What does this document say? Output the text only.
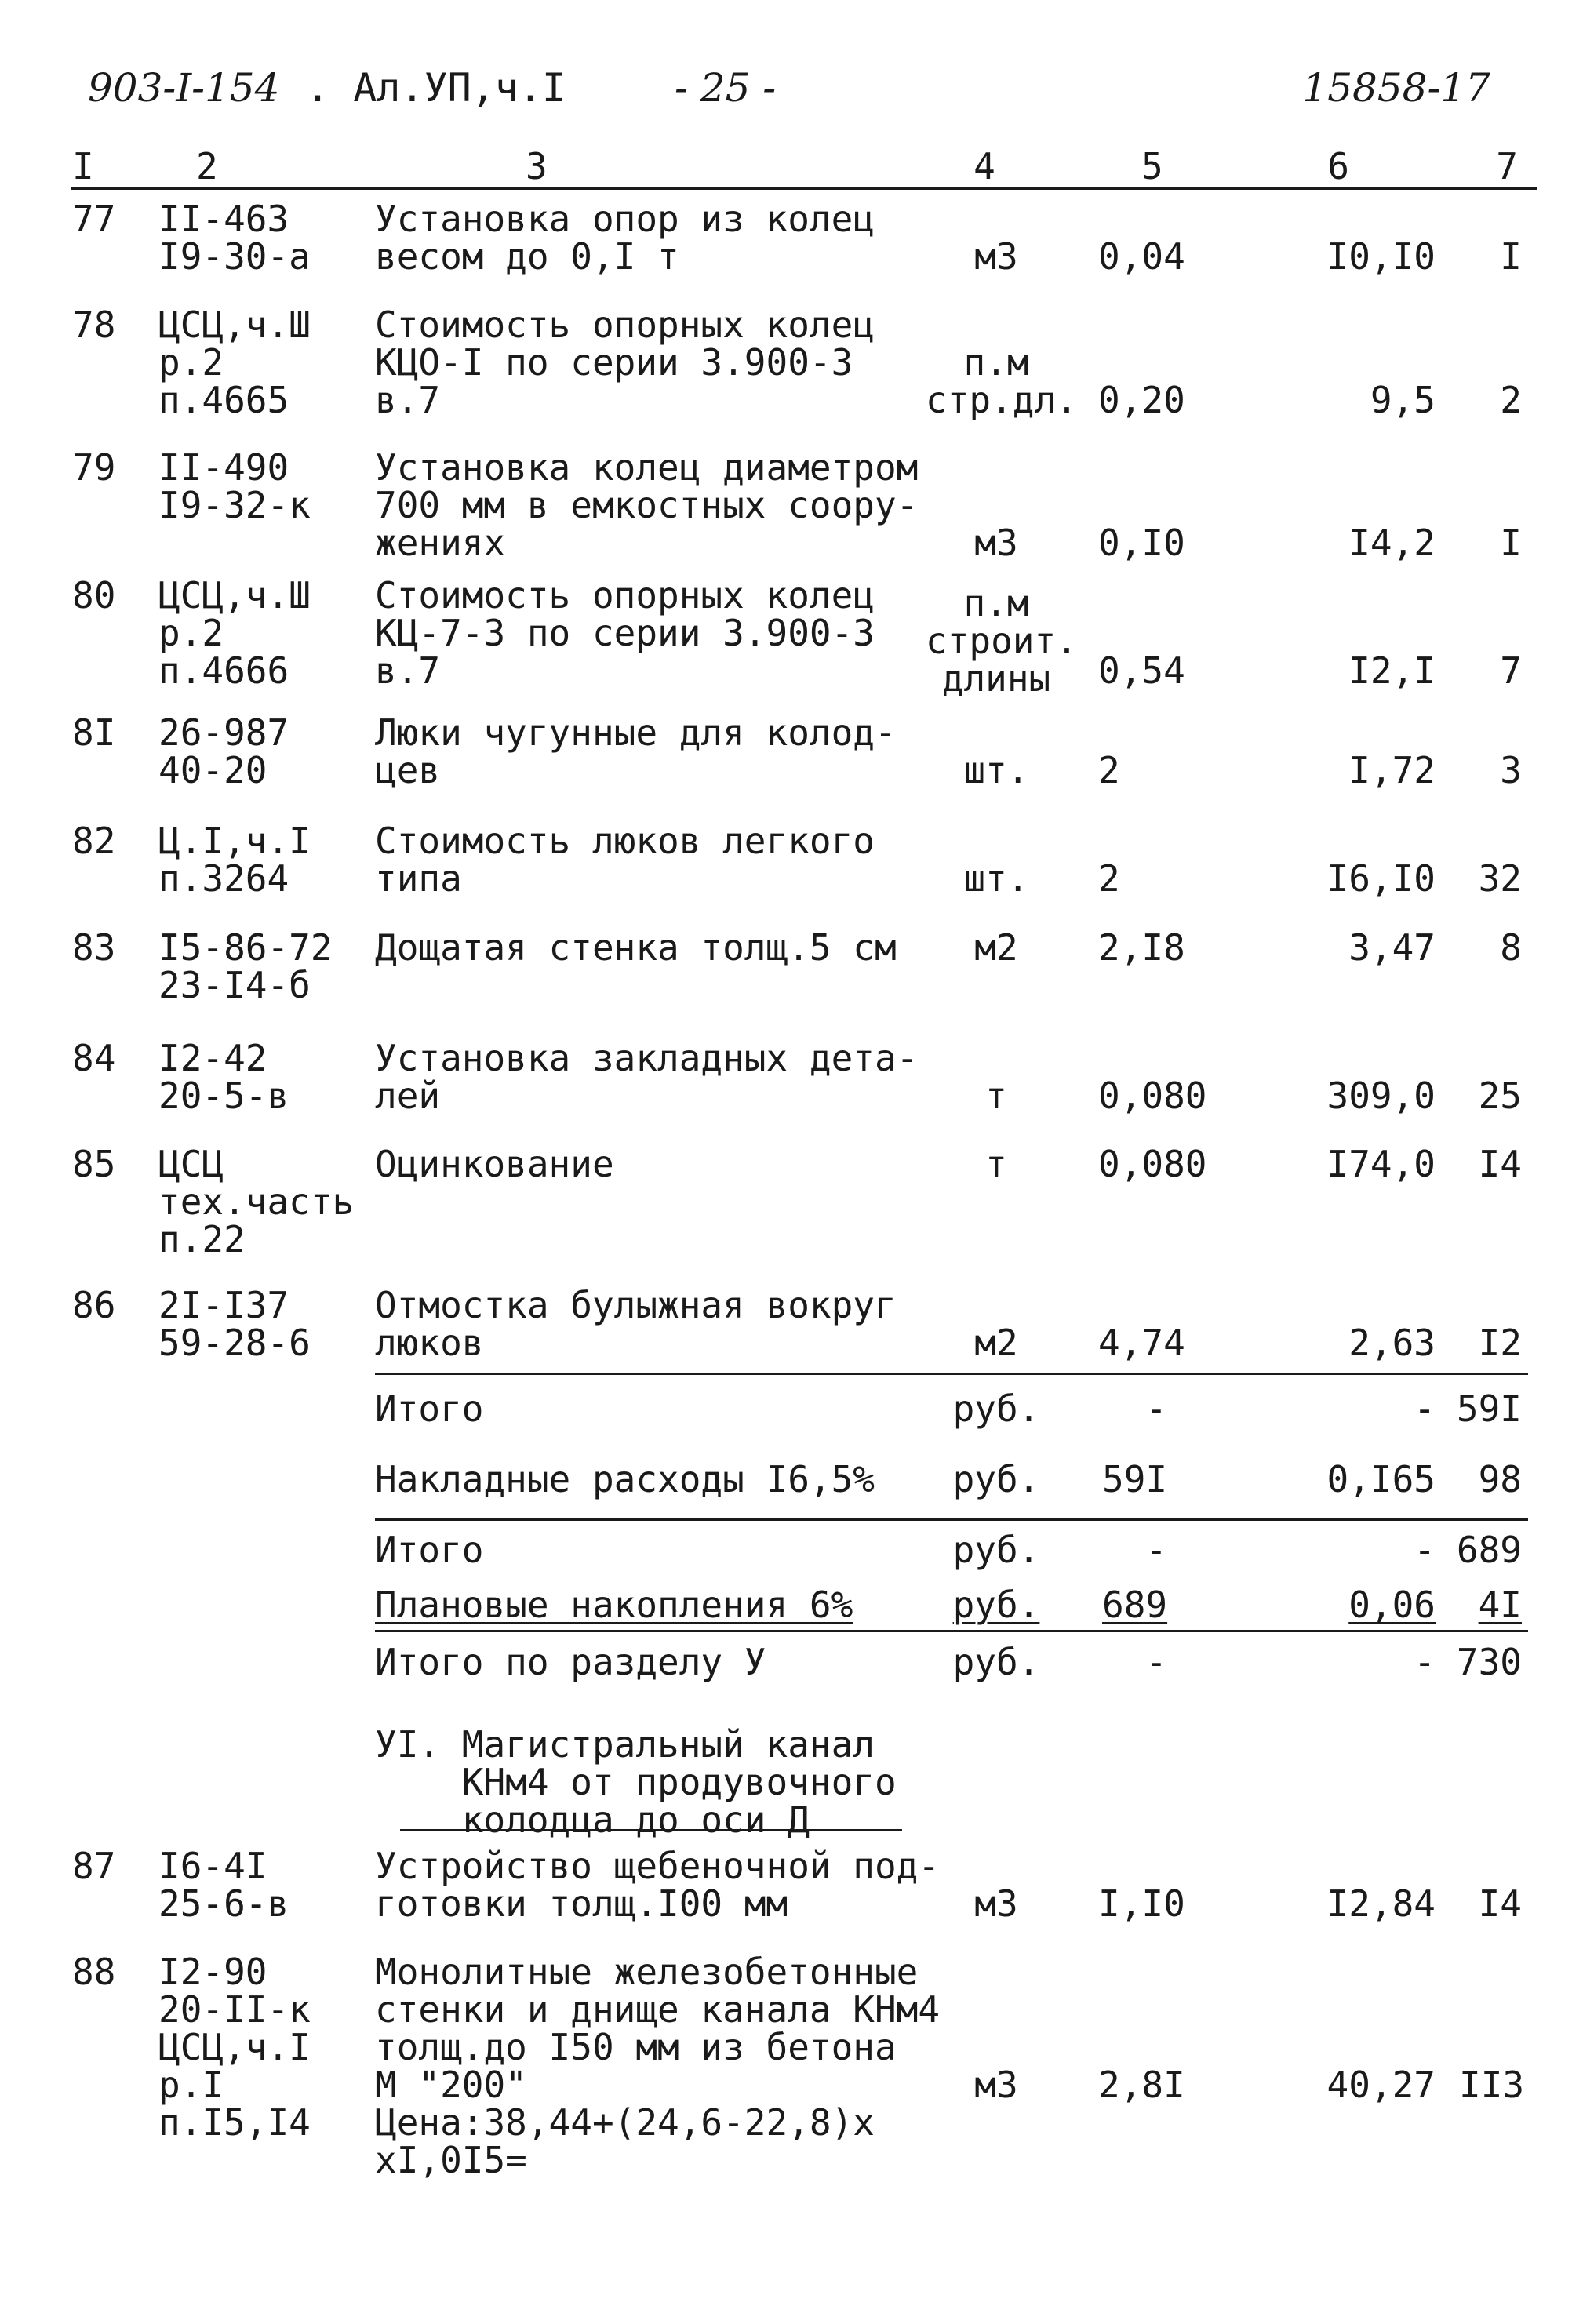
903-I-154 . Ал.УП,ч.I	- 25 -	15858-17
I	2	3	4	5	6	7
77	II-463
I9-30-а
Установка опор из колец
весом до 0,I т	м3	0,04	I0,I0	I
78	ЦСЦ,ч.Ш
р.2
п.4665
Стоимость опорных колец
КЦО-I по серии 3.900-3
в.7
п.м
стр.дл. 0,20	9,5	2
79	II-490
I9-32-к
Установка колец диаметром
700 мм в емкостных соору-
жениях	м3	0,I0	I4,2	I
80	ЦСЦ,ч.Ш
р.2
п.4666
Стоимость опорных колец
КЦ-7-3 по серии 3.900-3
в.7
п.м
строит.
длины	0,54	I2,I	7
8I	26-987
40-20
Люки чугунные для колод-
цев	шт.	2	I,72	3
82	Ц.I,ч.I
п.3264
Стоимость люков легкого
типа	шт.	2	I6,I0	32
83	I5-86-72
23-I4-б
Дощатая стенка толщ.5 см	м2	2,I8	3,47	8
84	I2-42
20-5-в
Установка закладных дета-
лей	т	0,080	309,0	25
85	ЦСЦ
тех.часть
п.22
Оцинкование	т	0,080	I74,0	I4
86	2I-I37
59-28-6
Отмостка булыжная вокруг
люков	м2	4,74	2,63	I2
Итого	руб.	-	- 59I
Накладные расходы I6,5%	руб.	59I	0,I65	98
Итого	руб.	-	- 689
Плановые накопления 6%	руб.	689	0,06	4I
Итого по разделу У	руб.	-	- 730
УI. Магистральный канал
КНм4 от продувочного
колодца до оси Д
87	I6-4I
25-6-в
Устройство щебеночной под-
готовки толщ.I00 мм	м3	I,I0	I2,84	I4
88	I2-90
20-II-к
ЦСЦ,ч.I
р.I
п.I5,I4
Монолитные железобетонные
стенки и днище канала КНм4
толщ.до I50 мм из бетона
М "200"
Цена:38,44+(24,6-22,8)х
хI,0I5=
м3	2,8I	40,27 II3
